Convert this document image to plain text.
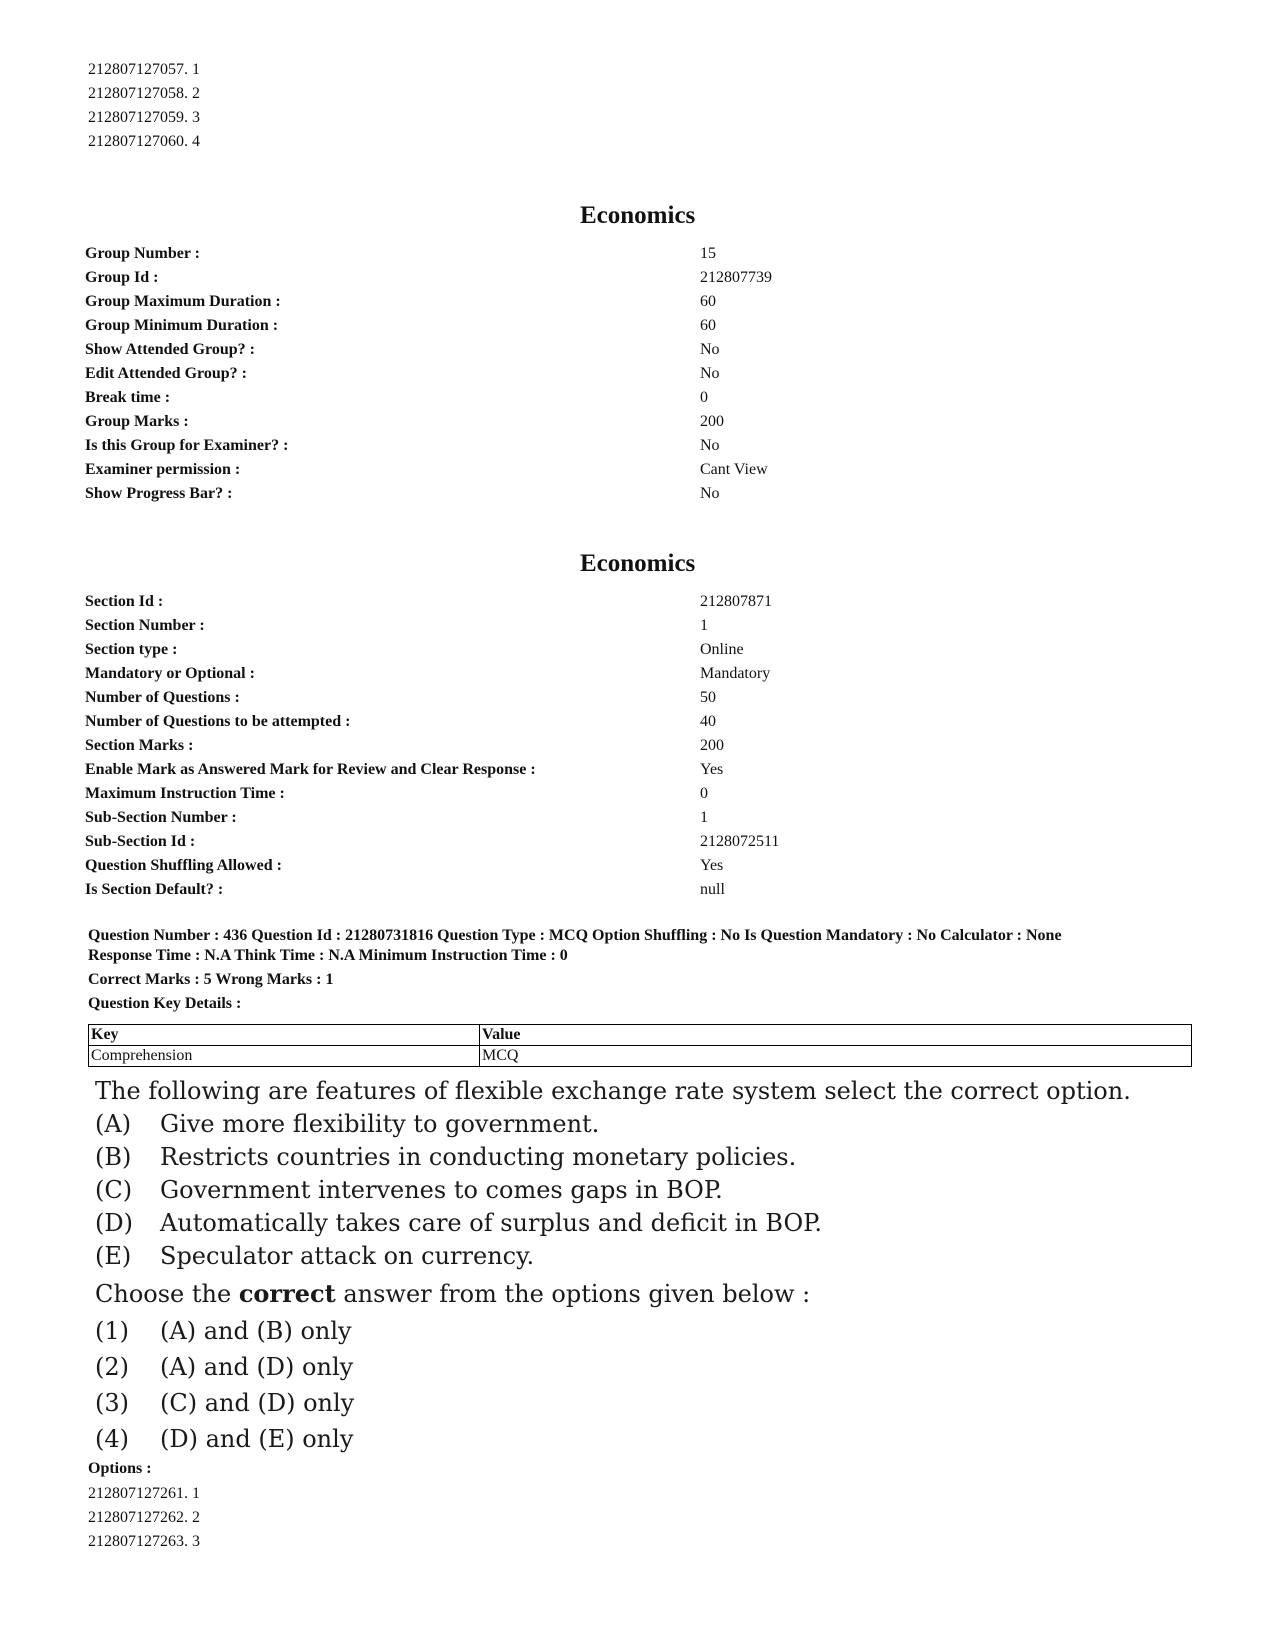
212807127057. 1
212807127058. 2
212807127059. 3
212807127060. 4
Economics
Group Number :	15
Group Id :	212807739
Group Maximum Duration :	60
Group Minimum Duration :	60
Show Attended Group? :	No
Edit Attended Group? :	No
Break time :	0
Group Marks :	200
Is this Group for Examiner? :	No
Examiner permission :	Cant View
Show Progress Bar? :	No
Economics
Section Id :	212807871
Section Number :	1
Section type :	Online
Mandatory or Optional :	Mandatory
Number of Questions :	50
Number of Questions to be attempted :	40
Section Marks :	200
Enable Mark as Answered Mark for Review and Clear Response :	Yes
Maximum Instruction Time :	0
Sub-Section Number :	1
Sub-Section Id :	2128072511
Question Shuffling Allowed :	Yes
Is Section Default? :	null
Question Number : 436 Question Id : 21280731816 Question Type : MCQ Option Shuffling : No Is Question Mandatory : No Calculator : None
Response Time : N.A Think Time : N.A Minimum Instruction Time : 0
Correct Marks : 5 Wrong Marks : 1
Question Key Details :
Key	Value
Comprehension	MCQ
The following are features of flexible exchange rate system select the correct option.
(A) Give more flexibility to government.
(B) Restricts countries in conducting monetary policies.
(C) Government intervenes to comes gaps in BOP.
(D) Automatically takes care of surplus and deficit in BOP.
(E) Speculator attack on currency.
Choose the correct answer from the options given below :
(1) (A) and (B) only
(2) (A) and (D) only
(3) (C) and (D) only
(4) (D) and (E) only
Options :
212807127261. 1
212807127262. 2
212807127263. 3
